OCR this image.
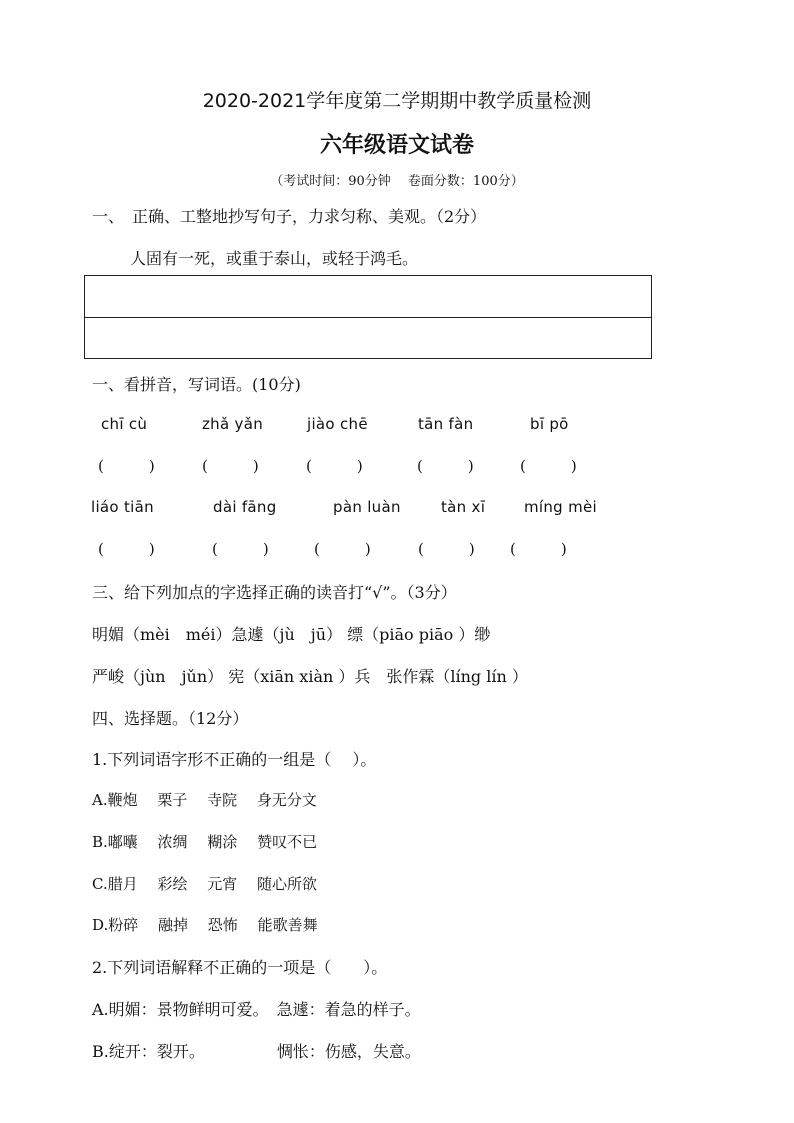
2020-2021学年度第二学期期中教学质量检测
六年级语文试卷
（考试时间：90分钟　 卷面分数：100分）
一、　正确、工整地抄写句子，力求匀称、美观。（2分）
人固有一死，或重于泰山，或轻于鸿毛。
一、看拼音，写词语。(10分)
chī cù	zhǎ yǎn	jiào chē	tān fàn	bī pō
(　　　)	(　　　)	(　　　)	(　　　)	(　　　)
liáo tiān	dài fāng	pàn luàn	tàn xī	míng mèi
(　　　)	(　　　)	(　　　)	(　　　) (　　　)
三、给下列加点的字选择正确的读音打“√”。（3分）
明媚（mèi　méi）急遽（jù　jū） 缥（piāo piāo ）缈
严峻（jùn　jǔn） 宪（xiān xiàn ）兵　张作霖（líng lín ）
四、选择题。（12分）
1.下列词语字形不正确的一组是（　 ）。
A.鞭炮　 栗子　 寺院　 身无分文
B.嘟囔　 浓绸　 糊涂　 赞叹不已
C.腊月　 彩绘　 元宵　 随心所欲
D.粉碎　 融掉　 恐怖　 能歌善舞
2.下列词语解释不正确的一项是（　　）。
A.明媚：景物鲜明可爱。　急遽：着急的样子。
B.绽开：裂开。　　　　　惆怅：伤感，失意。
